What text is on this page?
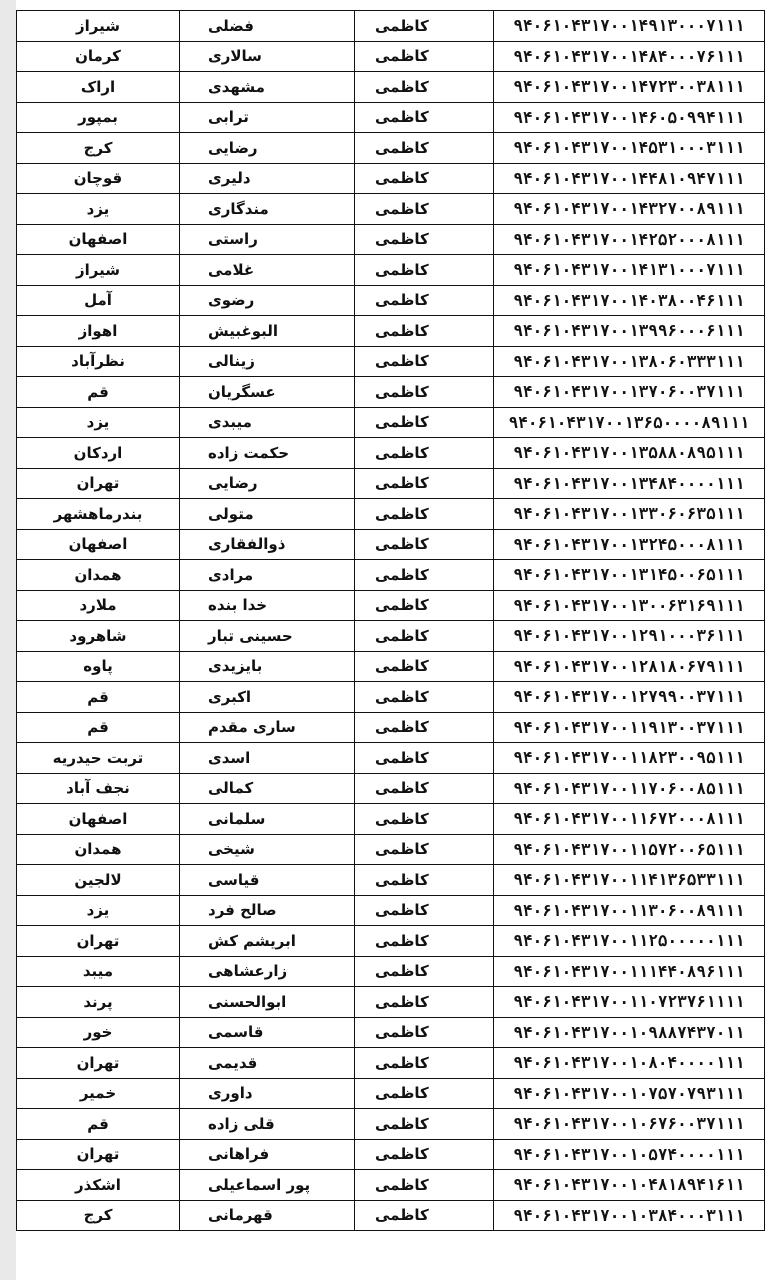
شیراز	فضلی	کاظمی	۹۴۰۶۱۰۴۳۱۷۰۰۱۴۹۱۳۰۰۰۷۱۱۱
کرمان	سالاری	کاظمی	۹۴۰۶۱۰۴۳۱۷۰۰۱۴۸۴۰۰۰۷۶۱۱۱
اراک	مشهدی	کاظمی	۹۴۰۶۱۰۴۳۱۷۰۰۱۴۷۲۳۰۰۳۸۱۱۱
بمپور	ترابی	کاظمی	۹۴۰۶۱۰۴۳۱۷۰۰۱۴۶۰۵۰۹۹۴۱۱۱
کرج	رضایی	کاظمی	۹۴۰۶۱۰۴۳۱۷۰۰۱۴۵۳۱۰۰۰۳۱۱۱
قوچان	دلیری	کاظمی	۹۴۰۶۱۰۴۳۱۷۰۰۱۴۴۸۱۰۹۴۷۱۱۱
یزد	مندگاری	کاظمی	۹۴۰۶۱۰۴۳۱۷۰۰۱۴۳۲۷۰۰۸۹۱۱۱
اصفهان	راستی	کاظمی	۹۴۰۶۱۰۴۳۱۷۰۰۱۴۲۵۲۰۰۰۸۱۱۱
شیراز	غلامی	کاظمی	۹۴۰۶۱۰۴۳۱۷۰۰۱۴۱۳۱۰۰۰۷۱۱۱
آمل	رضوی	کاظمی	۹۴۰۶۱۰۴۳۱۷۰۰۱۴۰۳۸۰۰۴۶۱۱۱
اهواز	البوغبیش	کاظمی	۹۴۰۶۱۰۴۳۱۷۰۰۱۳۹۹۶۰۰۰۶۱۱۱
نظرآباد	زینالی	کاظمی	۹۴۰۶۱۰۴۳۱۷۰۰۱۳۸۰۶۰۳۳۳۱۱۱
قم	عسگریان	کاظمی	۹۴۰۶۱۰۴۳۱۷۰۰۱۳۷۰۶۰۰۳۷۱۱۱
یزد	میبدی	کاظمی	۹۴۰۶۱۰۴۳۱۷۰۰۱۳۶۵۰۰۰۰۸۹۱۱۱
اردکان	حکمت زاده	کاظمی	۹۴۰۶۱۰۴۳۱۷۰۰۱۳۵۸۸۰۸۹۵۱۱۱
تهران	رضایی	کاظمی	۹۴۰۶۱۰۴۳۱۷۰۰۱۳۴۸۴۰۰۰۰۱۱۱
بندرماهشهر	متولی	کاظمی	۹۴۰۶۱۰۴۳۱۷۰۰۱۳۳۰۶۰۶۳۵۱۱۱
اصفهان	ذوالفقاری	کاظمی	۹۴۰۶۱۰۴۳۱۷۰۰۱۳۲۴۵۰۰۰۸۱۱۱
همدان	مرادی	کاظمی	۹۴۰۶۱۰۴۳۱۷۰۰۱۳۱۴۵۰۰۶۵۱۱۱
ملارد	خدا بنده	کاظمی	۹۴۰۶۱۰۴۳۱۷۰۰۱۳۰۰۶۳۱۶۹۱۱۱
شاهرود	حسینی تبار	کاظمی	۹۴۰۶۱۰۴۳۱۷۰۰۱۲۹۱۰۰۰۳۶۱۱۱
پاوه	بایزیدی	کاظمی	۹۴۰۶۱۰۴۳۱۷۰۰۱۲۸۱۸۰۶۷۹۱۱۱
قم	اکبری	کاظمی	۹۴۰۶۱۰۴۳۱۷۰۰۱۲۷۹۹۰۰۳۷۱۱۱
قم	ساری مقدم	کاظمی	۹۴۰۶۱۰۴۳۱۷۰۰۱۱۹۱۳۰۰۳۷۱۱۱
تربت حیدریه	اسدی	کاظمی	۹۴۰۶۱۰۴۳۱۷۰۰۱۱۸۲۳۰۰۹۵۱۱۱
نجف آباد	کمالی	کاظمی	۹۴۰۶۱۰۴۳۱۷۰۰۱۱۷۰۶۰۰۸۵۱۱۱
اصفهان	سلمانی	کاظمی	۹۴۰۶۱۰۴۳۱۷۰۰۱۱۶۷۲۰۰۰۸۱۱۱
همدان	شیخی	کاظمی	۹۴۰۶۱۰۴۳۱۷۰۰۱۱۵۷۲۰۰۶۵۱۱۱
لالجین	قیاسی	کاظمی	۹۴۰۶۱۰۴۳۱۷۰۰۱۱۴۱۳۶۵۳۳۱۱۱
یزد	صالح فرد	کاظمی	۹۴۰۶۱۰۴۳۱۷۰۰۱۱۳۰۶۰۰۸۹۱۱۱
تهران	ابریشم کش	کاظمی	۹۴۰۶۱۰۴۳۱۷۰۰۱۱۲۵۰۰۰۰۰۱۱۱
میبد	زارعشاهی	کاظمی	۹۴۰۶۱۰۴۳۱۷۰۰۱۱۱۴۴۰۸۹۶۱۱۱
پرند	ابوالحسنی	کاظمی	۹۴۰۶۱۰۴۳۱۷۰۰۱۱۰۷۲۳۷۶۱۱۱۱
خور	قاسمی	کاظمی	۹۴۰۶۱۰۴۳۱۷۰۰۱۰۹۸۸۷۴۳۷۰۱۱
تهران	قدیمی	کاظمی	۹۴۰۶۱۰۴۳۱۷۰۰۱۰۸۰۴۰۰۰۰۱۱۱
خمیر	داوری	کاظمی	۹۴۰۶۱۰۴۳۱۷۰۰۱۰۷۵۷۰۷۹۳۱۱۱
قم	قلی زاده	کاظمی	۹۴۰۶۱۰۴۳۱۷۰۰۱۰۶۷۶۰۰۳۷۱۱۱
تهران	فراهانی	کاظمی	۹۴۰۶۱۰۴۳۱۷۰۰۱۰۵۷۴۰۰۰۰۱۱۱
اشکذر	پور اسماعیلی	کاظمی	۹۴۰۶۱۰۴۳۱۷۰۰۱۰۴۸۱۸۹۴۱۶۱۱
کرج	قهرمانی	کاظمی	۹۴۰۶۱۰۴۳۱۷۰۰۱۰۳۸۴۰۰۰۳۱۱۱
